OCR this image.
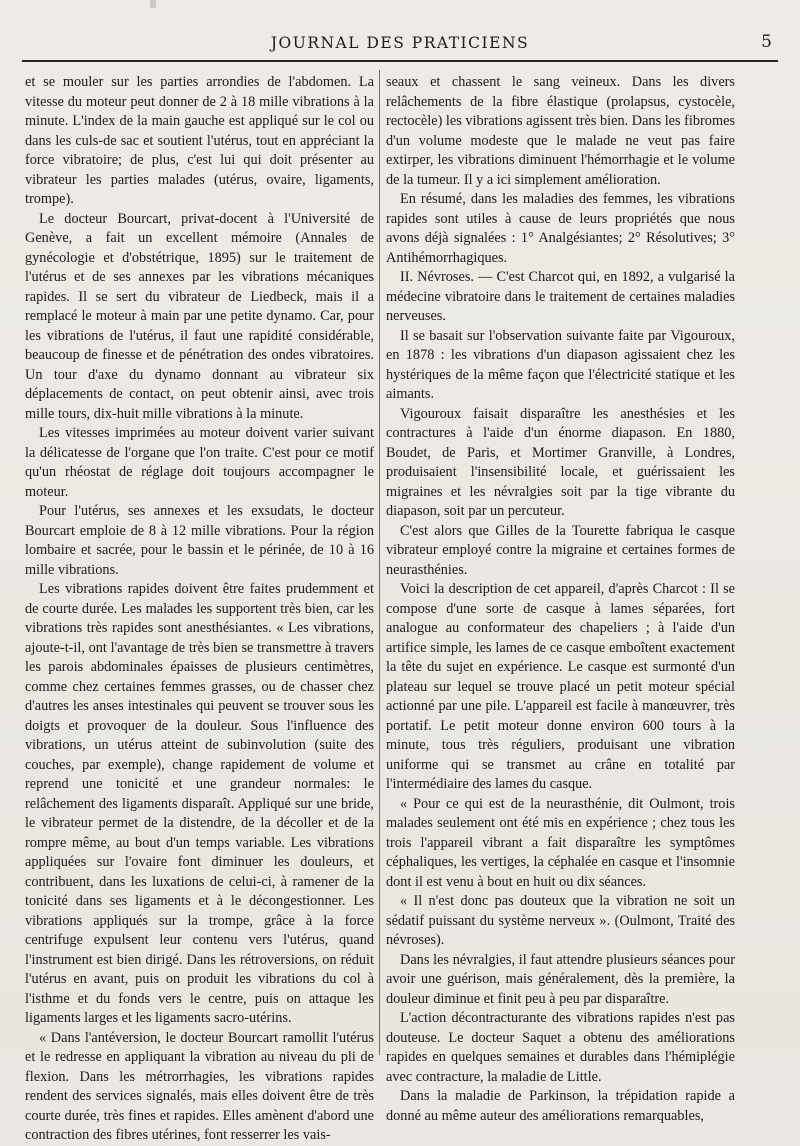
JOURNAL DES PRATICIENS	5

et se mouler sur les parties arrondies de l'abdomen. La vitesse du moteur peut donner de 2 à 18 mille vibrations à la minute. L'index de la main gauche est appliqué sur le col ou dans les culs-de sac et soutient l'utérus, tout en appréciant la force vibratoire; de plus, c'est lui qui doit présenter au vibrateur les parties malades (utérus, ovaire, ligaments, trompe).

Le docteur Bourcart, privat-docent à l'Université de Genève, a fait un excellent mémoire (Annales de gynécologie et d'obstétrique, 1895) sur le traitement de l'utérus et de ses annexes par les vibrations mécaniques rapides. Il se sert du vibrateur de Liedbeck, mais il a remplacé le moteur à main par une petite dynamo. Car, pour les vibrations de l'utérus, il faut une rapidité considérable, beaucoup de finesse et de pénétration des ondes vibratoires. Un tour d'axe du dynamo donnant au vibrateur six déplacements de contact, on peut obtenir ainsi, avec trois mille tours, dix-huit mille vibrations à la minute.

Les vitesses imprimées au moteur doivent varier suivant la délicatesse de l'organe que l'on traite. C'est pour ce motif qu'un rhéostat de réglage doit toujours accompagner le moteur.

Pour l'utérus, ses annexes et les exsudats, le docteur Bourcart emploie de 8 à 12 mille vibrations. Pour la région lombaire et sacrée, pour le bassin et le périnée, de 10 à 16 mille vibrations.

Les vibrations rapides doivent être faites prudemment et de courte durée. Les malades les supportent très bien, car les vibrations très rapides sont anesthésiantes. « Les vibrations, ajoute-t-il, ont l'avantage de très bien se transmettre à travers les parois abdominales épaisses de plusieurs centimètres, comme chez certaines femmes grasses, ou de chasser chez d'autres les anses intestinales qui peuvent se trouver sous les doigts et provoquer de la douleur. Sous l'influence des vibrations, un utérus atteint de subinvolution (suite des couches, par exemple), change rapidement de volume et reprend une tonicité et une grandeur normales: le relâchement des ligaments disparaît. Appliqué sur une bride, le vibrateur permet de la distendre, de la décoller et de la rompre même, au bout d'un temps variable. Les vibrations appliquées sur l'ovaire font diminuer les douleurs, et contribuent, dans les luxations de celui-ci, à ramener de la tonicité dans ses ligaments et à le décongestionner. Les vibrations appliqués sur la trompe, grâce à la force centrifuge expulsent leur contenu vers l'utérus, quand l'instrument est bien dirigé. Dans les rétroversions, on réduit l'utérus en avant, puis on produit les vibrations du col à l'isthme et du fonds vers le centre, puis on attaque les ligaments larges et les ligaments sacro-utérins.

« Dans l'antéversion, le docteur Bourcart ramollit l'utérus et le redresse en appliquant la vibration au niveau du pli de flexion. Dans les métrorrhagies, les vibrations rapides rendent des services signalés, mais elles doivent être de très courte durée, très fines et rapides. Elles amènent d'abord une contraction des fibres utérines, font resserrer les vais-

seaux et chassent le sang veineux. Dans les divers relâchements de la fibre élastique (prolapsus, cystocèle, rectocèle) les vibrations agissent très bien. Dans les fibromes d'un volume modeste que le malade ne veut pas faire extirper, les vibrations diminuent l'hémorrhagie et le volume de la tumeur. Il y a ici simplement amélioration.

En résumé, dans les maladies des femmes, les vibrations rapides sont utiles à cause de leurs propriétés que nous avons déjà signalées : 1° Analgésiantes; 2° Résolutives; 3° Antihémorrhagiques.

II. Névroses. — C'est Charcot qui, en 1892, a vulgarisé la médecine vibratoire dans le traitement de certaines maladies nerveuses.

Il se basait sur l'observation suivante faite par Vigouroux, en 1878 : les vibrations d'un diapason agissaient chez les hystériques de la même façon que l'électricité statique et les aimants.

Vigouroux faisait disparaître les anesthésies et les contractures à l'aide d'un énorme diapason. En 1880, Boudet, de Paris, et Mortimer Granville, à Londres, produisaient l'insensibilité locale, et guérissaient les migraines et les névralgies soit par la tige vibrante du diapason, soit par un percuteur.

C'est alors que Gilles de la Tourette fabriqua le casque vibrateur employé contre la migraine et certaines formes de neurasthénies.

Voici la description de cet appareil, d'après Charcot : Il se compose d'une sorte de casque à lames séparées, fort analogue au conformateur des chapeliers ; à l'aide d'un artifice simple, les lames de ce casque emboîtent exactement la tête du sujet en expérience. Le casque est surmonté d'un plateau sur lequel se trouve placé un petit moteur spécial actionné par une pile. L'appareil est facile à manœuvrer, très portatif. Le petit moteur donne environ 600 tours à la minute, tous très réguliers, produisant une vibration uniforme qui se transmet au crâne en totalité par l'intermédiaire des lames du casque.

« Pour ce qui est de la neurasthénie, dit Oulmont, trois malades seulement ont été mis en expérience ; chez tous les trois l'appareil vibrant a fait disparaître les symptômes céphaliques, les vertiges, la céphalée en casque et l'insomnie dont il est venu à bout en huit ou dix séances.

« Il n'est donc pas douteux que la vibration ne soit un sédatif puissant du système nerveux ». (Oulmont, Traité des névroses).

Dans les névralgies, il faut attendre plusieurs séances pour avoir une guérison, mais généralement, dès la première, la douleur diminue et finit peu à peu par disparaître.

L'action décontracturante des vibrations rapides n'est pas douteuse. Le docteur Saquet a obtenu des améliorations rapides en quelques semaines et durables dans l'hémiplégie avec contracture, la maladie de Little.

Dans la maladie de Parkinson, la trépidation rapide a donné au même auteur des améliorations remarquables,
